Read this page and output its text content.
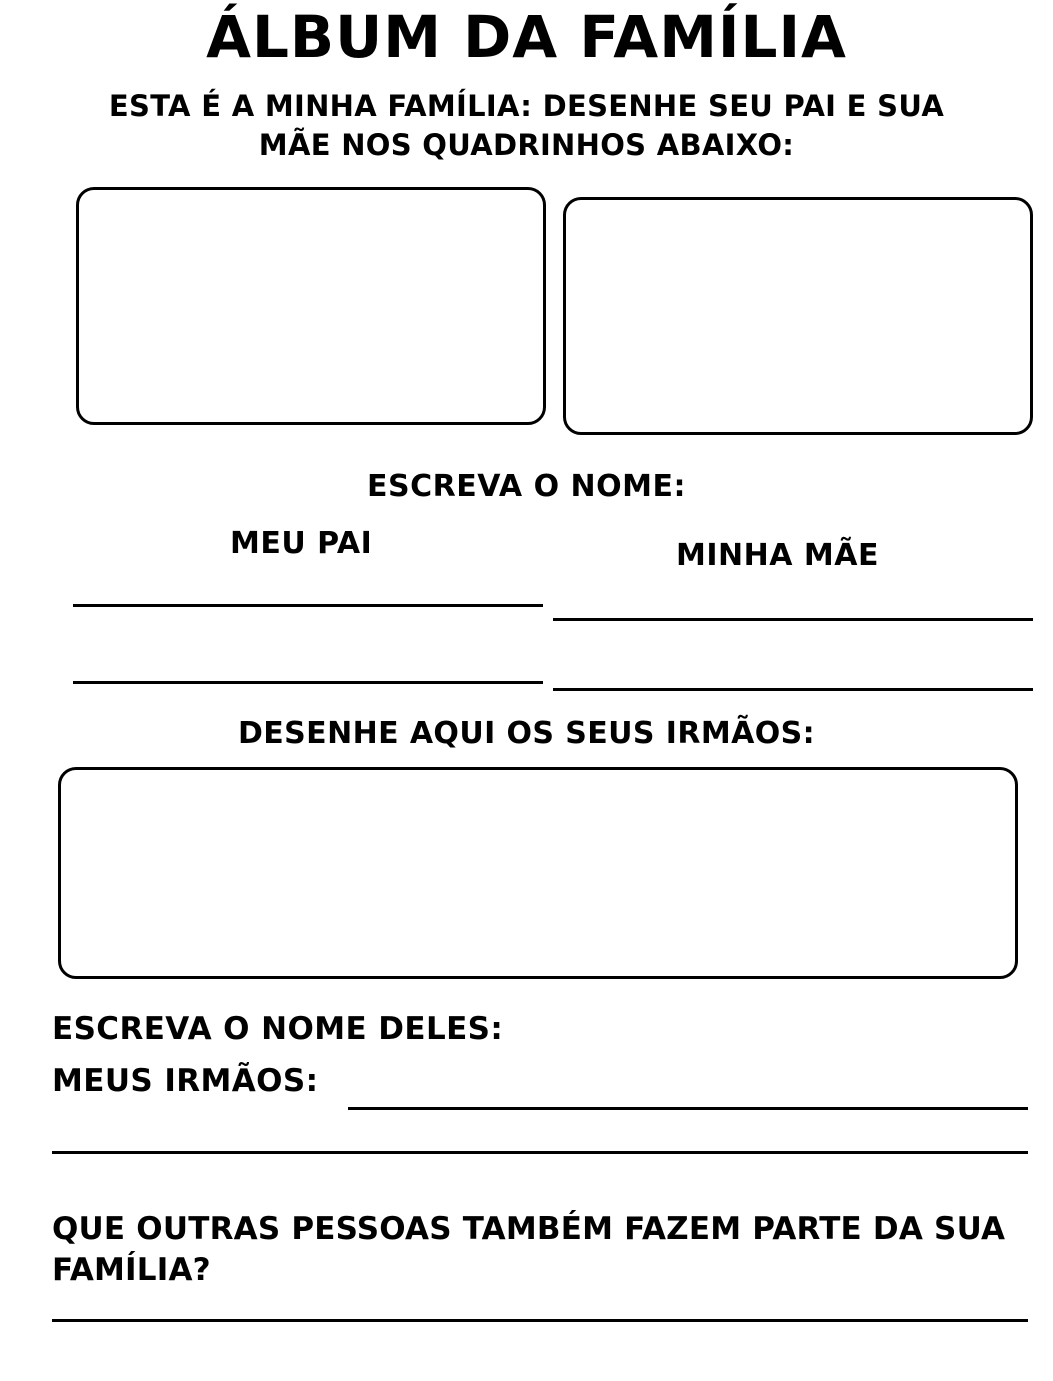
ÁLBUM DA FAMÍLIA
ESTA É A MINHA FAMÍLIA: DESENHE SEU PAI E SUA
MÃE NOS QUADRINHOS ABAIXO:
ESCREVA O NOME:
MEU PAI	MINHA MÃE
DESENHE AQUI OS SEUS IRMÃOS:
ESCREVA O NOME DELES:
MEUS IRMÃOS:
QUE OUTRAS PESSOAS TAMBÉM FAZEM PARTE DA SUA
FAMÍLIA?
